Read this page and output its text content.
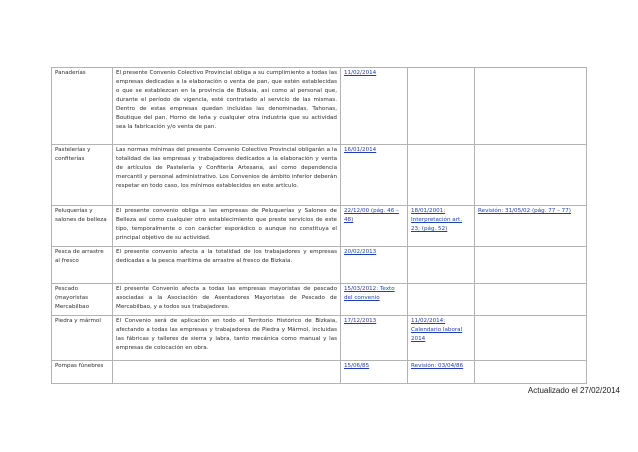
Panaderías	El presente Convenio Colectivo Provincial obliga a su cumplimiento a todas las empresas dedicadas a la elaboración o venta de pan, que estén establecidas o que se establezcan en la provincia de Bizkaia, así como al personal que, durante el período de vigencia, esté contratado al servicio de las mismas. Dentro de estas empresas quedan incluidas las denominadas, Tahonas, Boutique del pan, Horno de leña y cualquier otra industria que su actividad sea la fabricación y/o venta de pan.	11/02/2014		
Pastelerías y confiterías	Las normas mínimas del presente Convenio Colectivo Provincial obligarán a la totalidad de las empresas y trabajadores dedicados a la elaboración y venta de artículos de Pastelería y Confitería Artesana, así como dependencia mercantil y personal administrativo. Los Convenios de ámbito inferior deberán respetar en todo caso, los mínimos establecidos en este artículo.	16/01/2014		
Peluquerías y salones de belleza	El presente convenio obliga a las empresas de Peluquerías y Salones de Belleza así como cualquier otro establecimiento que preste servicios de este tipo, temporalmente o con carácter esporádico o aunque no constituya el principal objetivo de su actividad.	22/12/00 (pág. 46 – 48)	18/01/2001: Interpretación art. 23; (pág. 52)	Revisión: 31/05/02 (pág. 77 – 77)
Pesca de arrastre al fresco	El presente convenio afecta a la totalidad de los trabajadores y empresas dedicadas a la pesca marítima de arrastre al fresco de Bizkaia.	20/02/2013		
Pescado (mayoristas Mercabilbao	El presente Convenio afecta a todas las empresas mayoristas de pescado asociadas a la Asociación de Asentadores Mayoristas de Pescado de Mercabilbao, y a todos sus trabajadores.	15/03/2012: Texto del convenio		
Piedra y mármol	El Convenio será de aplicación en todo el Territorio Histórico de Bizkaia, afectando a todas las empresas y trabajadores de Piedra y Mármol, incluidas las fábricas y talleres de sierra y labra, tanto mecánica como manual y las empresas de colocación en obra.	17/12/2013	11/02/2014: Calendario laboral 2014	
Pompas fúnebres		15/06/85	Revisión: 03/04/86	
Actualizado el 27/02/2014
